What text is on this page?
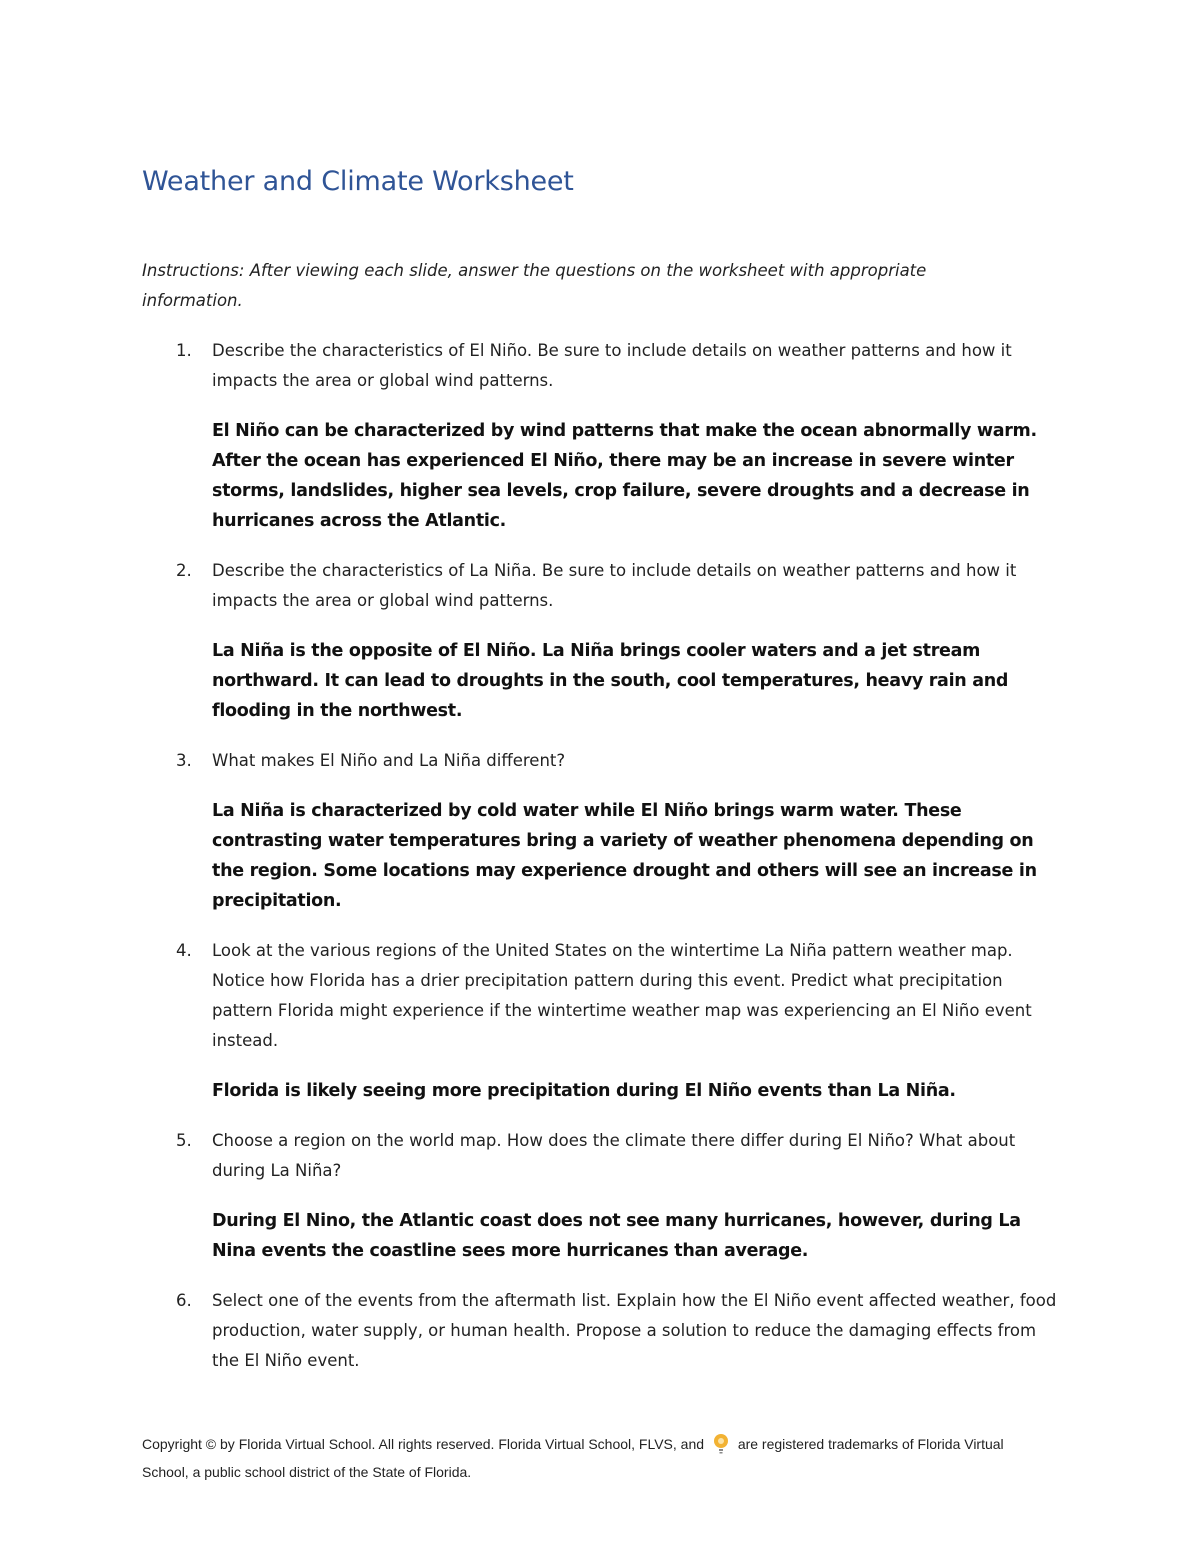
Weather and Climate Worksheet

Instructions: After viewing each slide, answer the questions on the worksheet with appropriate information.

1. Describe the characteristics of El Niño. Be sure to include details on weather patterns and how it impacts the area or global wind patterns.

El Niño can be characterized by wind patterns that make the ocean abnormally warm. After the ocean has experienced El Niño, there may be an increase in severe winter storms, landslides, higher sea levels, crop failure, severe droughts and a decrease in hurricanes across the Atlantic.

2. Describe the characteristics of La Niña. Be sure to include details on weather patterns and how it impacts the area or global wind patterns.

La Niña is the opposite of El Niño. La Niña brings cooler waters and a jet stream northward. It can lead to droughts in the south, cool temperatures, heavy rain and flooding in the northwest.

3. What makes El Niño and La Niña different?

La Niña is characterized by cold water while El Niño brings warm water. These contrasting water temperatures bring a variety of weather phenomena depending on the region. Some locations may experience drought and others will see an increase in precipitation.

4. Look at the various regions of the United States on the wintertime La Niña pattern weather map. Notice how Florida has a drier precipitation pattern during this event. Predict what precipitation pattern Florida might experience if the wintertime weather map was experiencing an El Niño event instead.

Florida is likely seeing more precipitation during El Niño events than La Niña.

5. Choose a region on the world map. How does the climate there differ during El Niño? What about during La Niña?

During El Nino, the Atlantic coast does not see many hurricanes, however, during La Nina events the coastline sees more hurricanes than average.

6. Select one of the events from the aftermath list. Explain how the El Niño event affected weather, food production, water supply, or human health. Propose a solution to reduce the damaging effects from the El Niño event.

Copyright © by Florida Virtual School. All rights reserved. Florida Virtual School, FLVS, and are registered trademarks of Florida Virtual School, a public school district of the State of Florida.
